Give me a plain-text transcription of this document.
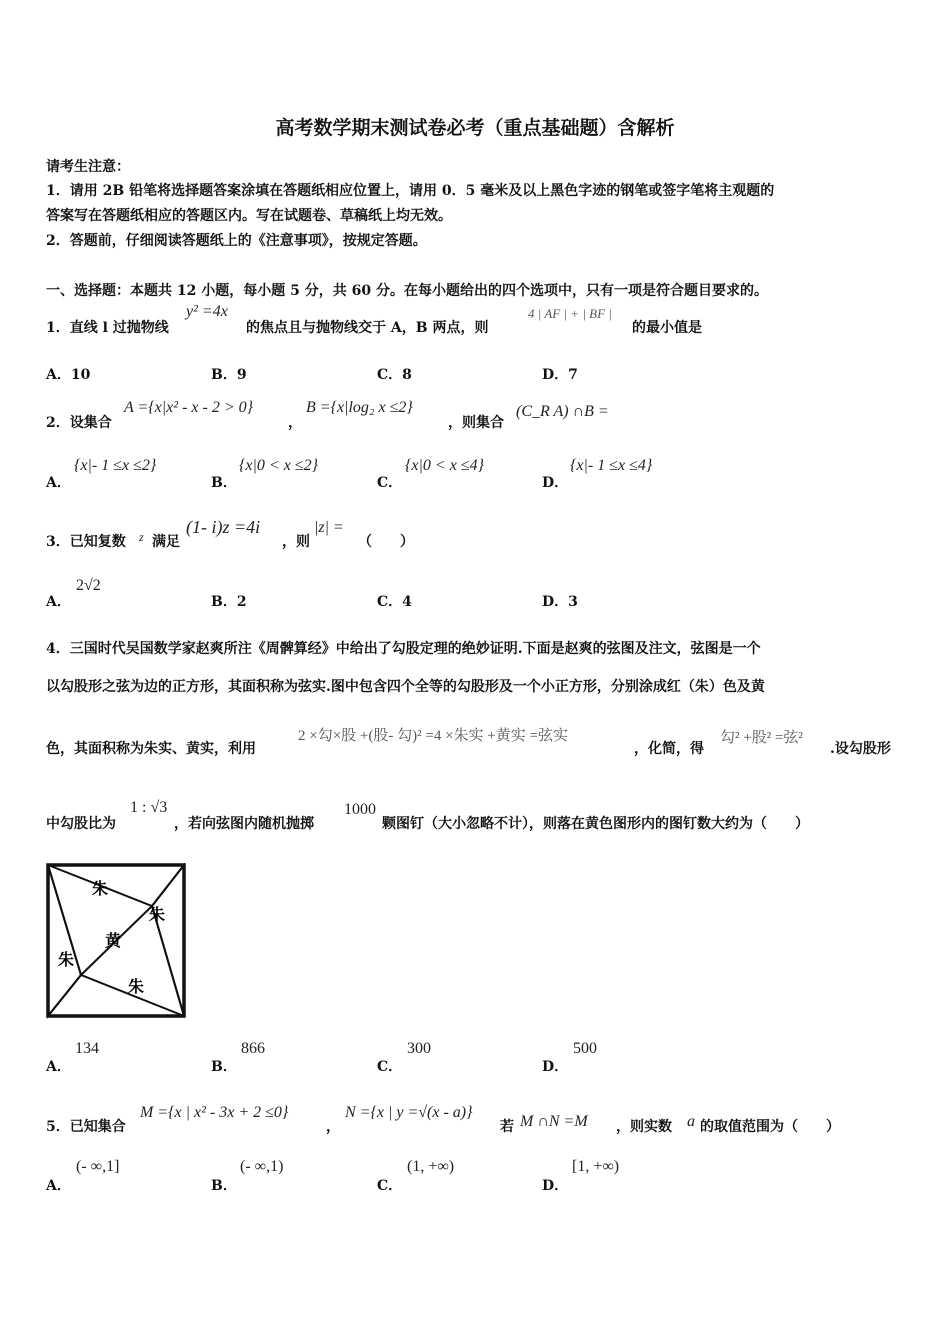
高考数学期末测试卷必考（重点基础题）含解析
请考生注意：
1．请用 2B 铅笔将选择题答案涂填在答题纸相应位置上，请用 0．5 毫米及以上黑色字迹的钢笔或签字笔将主观题的
答案写在答题纸相应的答题区内。写在试题卷、草稿纸上均无效。
2．答题前，仔细阅读答题纸上的《注意事项》，按规定答题。
一、选择题：本题共 12 小题，每小题 5 分，共 60 分。在每小题给出的四个选项中，只有一项是符合题目要求的。
1．直线 l 过抛物线
y² =4x
的焦点且与抛物线交于 A，B 两点，则
4 | AF | + | BF |
的最小值是
A．10	B．9	C．8	D．7
2．设集合
A ={x|x² - x - 2 > 0}
，
B ={x|log₂ x ≤2}
，则集合
(C_R A) ∩B =
A．
{x|- 1 ≤x ≤2}
B．
{x|0 < x ≤2}
C．
{x|0 < x ≤4}
D．
{x|- 1 ≤x ≤4}
3．已知复数 z 满足
(1- i)z =4i
，则
|z| =
（　　）
A．
2√2
B．2	C．4	D．3
4．三国时代吴国数学家赵爽所注《周髀算经》中给出了勾股定理的绝妙证明.下面是赵爽的弦图及注文，弦图是一个
以勾股形之弦为边的正方形，其面积称为弦实.图中包含四个全等的勾股形及一个小正方形，分别涂成红（朱）色及黄
色，其面积称为朱实、黄实，利用
2 ×勾×股 +(股- 勾)² =4 ×朱实 +黄实 =弦实
，化简，得
勾² +股² =弦²
.设勾股形
中勾股比为
1 : √3
，若向弦图内随机抛掷
1000
颗图钉（大小忽略不计），则落在黄色图形内的图钉数大约为（　　）
朱
朱
黄
朱
朱
A．
134
B．
866
C．
300
D．
500
5．已知集合
M ={x | x² - 3x + 2 ≤0}
，
N ={x | y =√(x - a)}
若 M ∩N =M ，则实数 a 的取值范围为（　　）
A．
(- ∞,1]
B．
(- ∞,1)
C．
(1, +∞)
D．
[1, +∞)
